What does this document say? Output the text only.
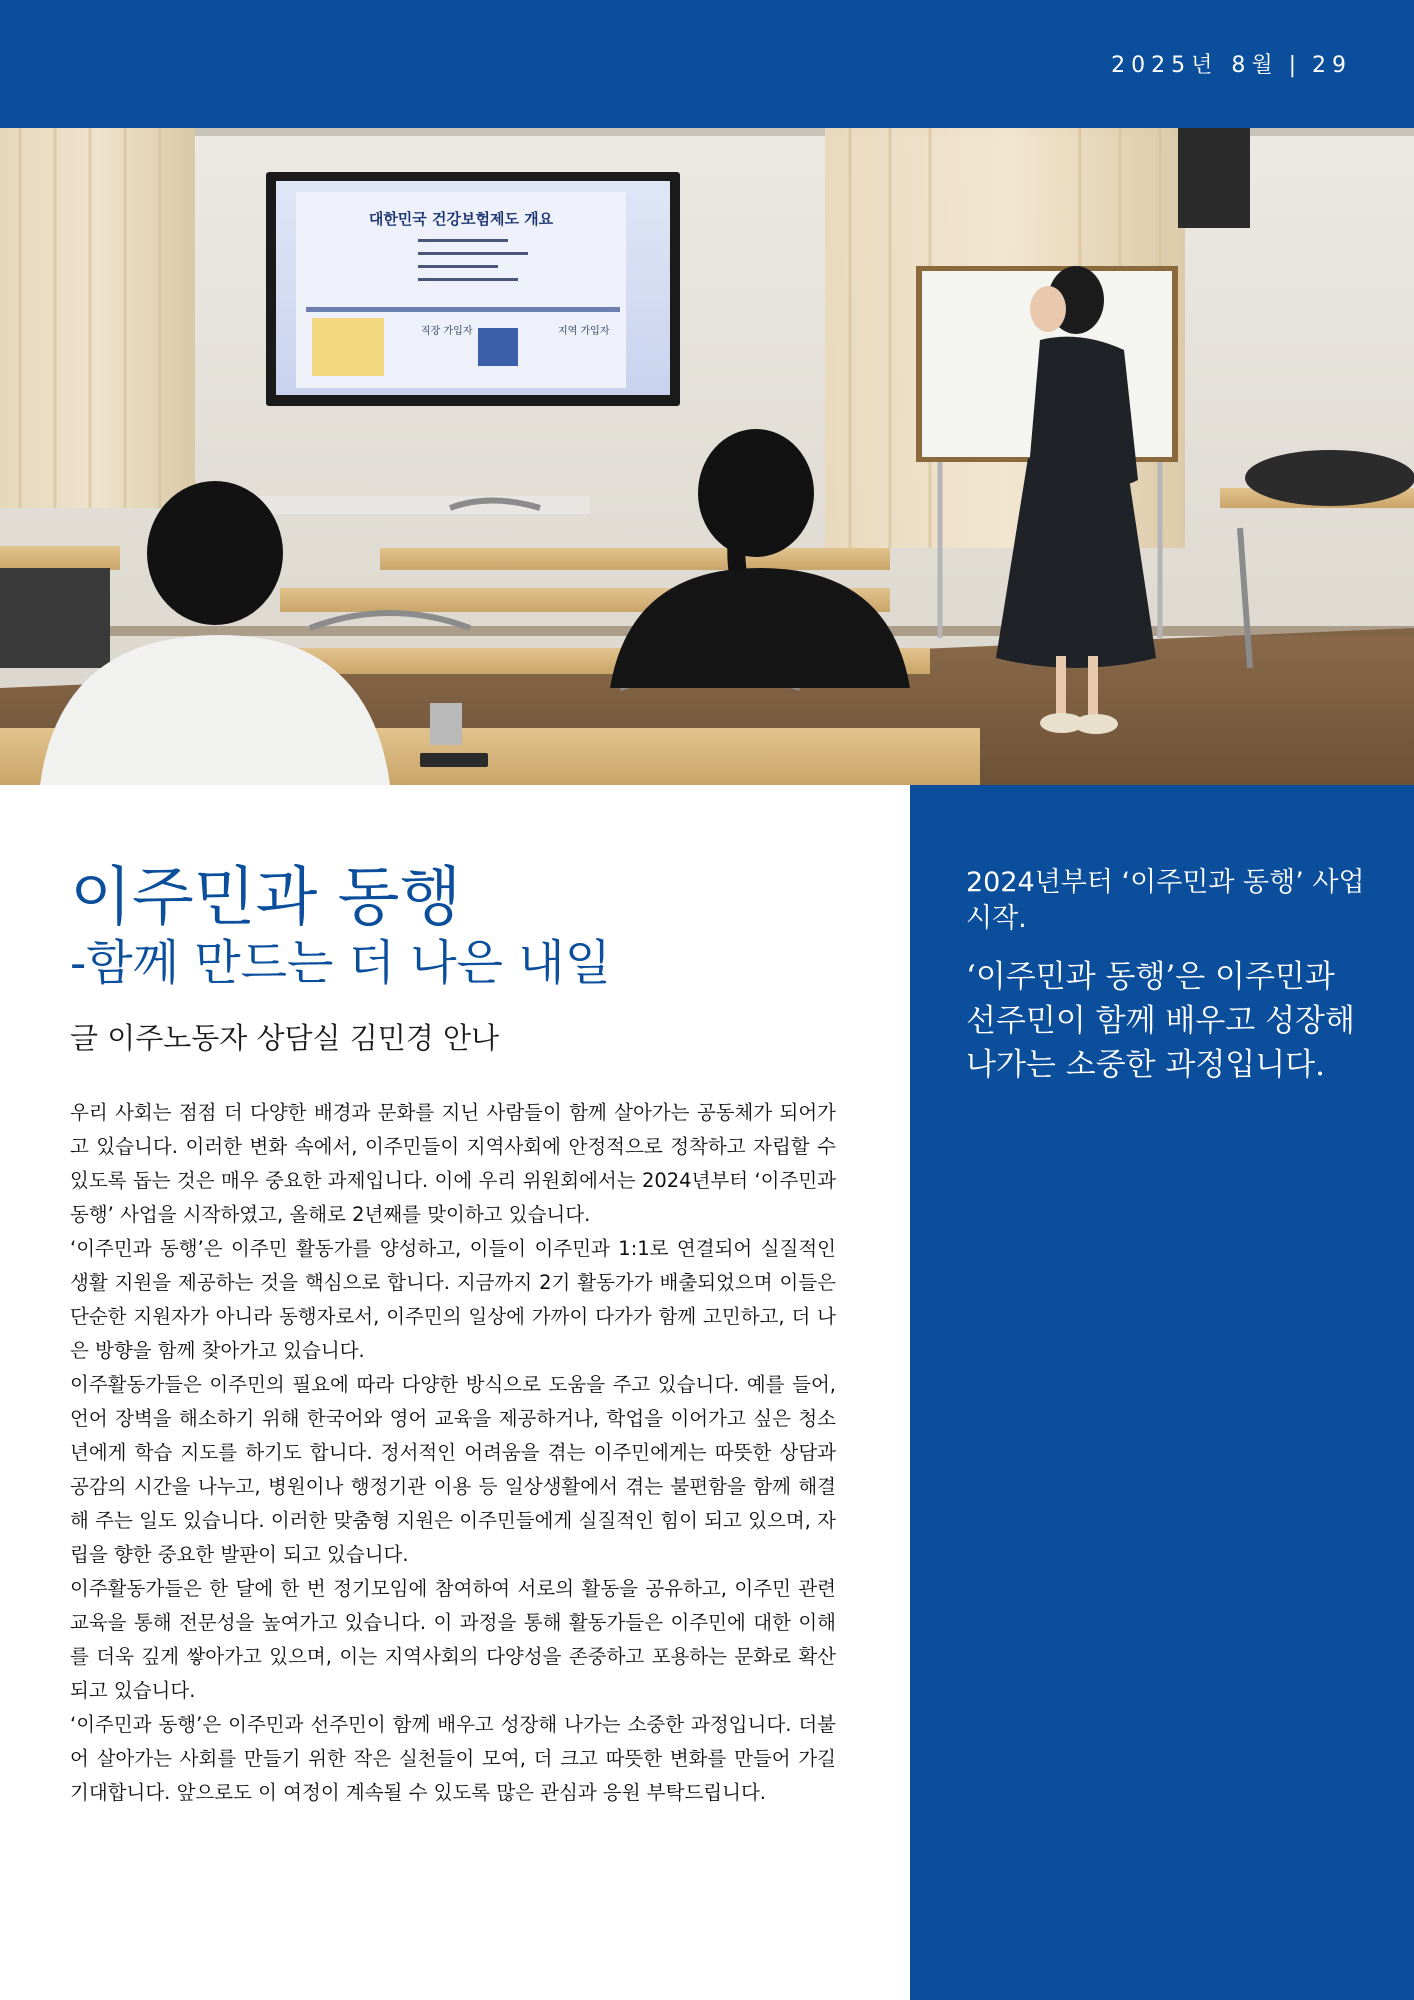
2025년 8월 | 29
대한민국 건강보험제도 개요
직장 가입자	지역 가입자
이주민과 동행
-함께 만드는 더 나은 내일
글 이주노동자 상담실 김민경 안나

우리 사회는 점점 더 다양한 배경과 문화를 지닌 사람들이 함께 살아가는 공동체가 되어가고 있습니다. 이러한 변화 속에서, 이주민들이 지역사회에 안정적으로 정착하고 자립할 수 있도록 돕는 것은 매우 중요한 과제입니다. 이에 우리 위원회에서는 2024년부터 ‘이주민과 동행’ 사업을 시작하였고, 올해로 2년째를 맞이하고 있습니다.

‘이주민과 동행’은 이주민 활동가를 양성하고, 이들이 이주민과 1:1로 연결되어 실질적인 생활 지원을 제공하는 것을 핵심으로 합니다. 지금까지 2기 활동가가 배출되었으며 이들은 단순한 지원자가 아니라 동행자로서, 이주민의 일상에 가까이 다가가 함께 고민하고, 더 나은 방향을 함께 찾아가고 있습니다.

이주활동가들은 이주민의 필요에 따라 다양한 방식으로 도움을 주고 있습니다. 예를 들어, 언어 장벽을 해소하기 위해 한국어와 영어 교육을 제공하거나, 학업을 이어가고 싶은 청소년에게 학습 지도를 하기도 합니다. 정서적인 어려움을 겪는 이주민에게는 따뜻한 상담과 공감의 시간을 나누고, 병원이나 행정기관 이용 등 일상생활에서 겪는 불편함을 함께 해결해 주는 일도 있습니다. 이러한 맞춤형 지원은 이주민들에게 실질적인 힘이 되고 있으며, 자립을 향한 중요한 발판이 되고 있습니다.

이주활동가들은 한 달에 한 번 정기모임에 참여하여 서로의 활동을 공유하고, 이주민 관련 교육을 통해 전문성을 높여가고 있습니다. 이 과정을 통해 활동가들은 이주민에 대한 이해를 더욱 깊게 쌓아가고 있으며, 이는 지역사회의 다양성을 존중하고 포용하는 문화로 확산되고 있습니다.

‘이주민과 동행’은 이주민과 선주민이 함께 배우고 성장해 나가는 소중한 과정입니다. 더불어 살아가는 사회를 만들기 위한 작은 실천들이 모여, 더 크고 따뜻한 변화를 만들어 가길 기대합니다. 앞으로도 이 여정이 계속될 수 있도록 많은 관심과 응원 부탁드립니다.

2024년부터 ‘이주민과 동행’ 사업 시작.
‘이주민과 동행’은 이주민과 선주민이 함께 배우고 성장해 나가는 소중한 과정입니다.
